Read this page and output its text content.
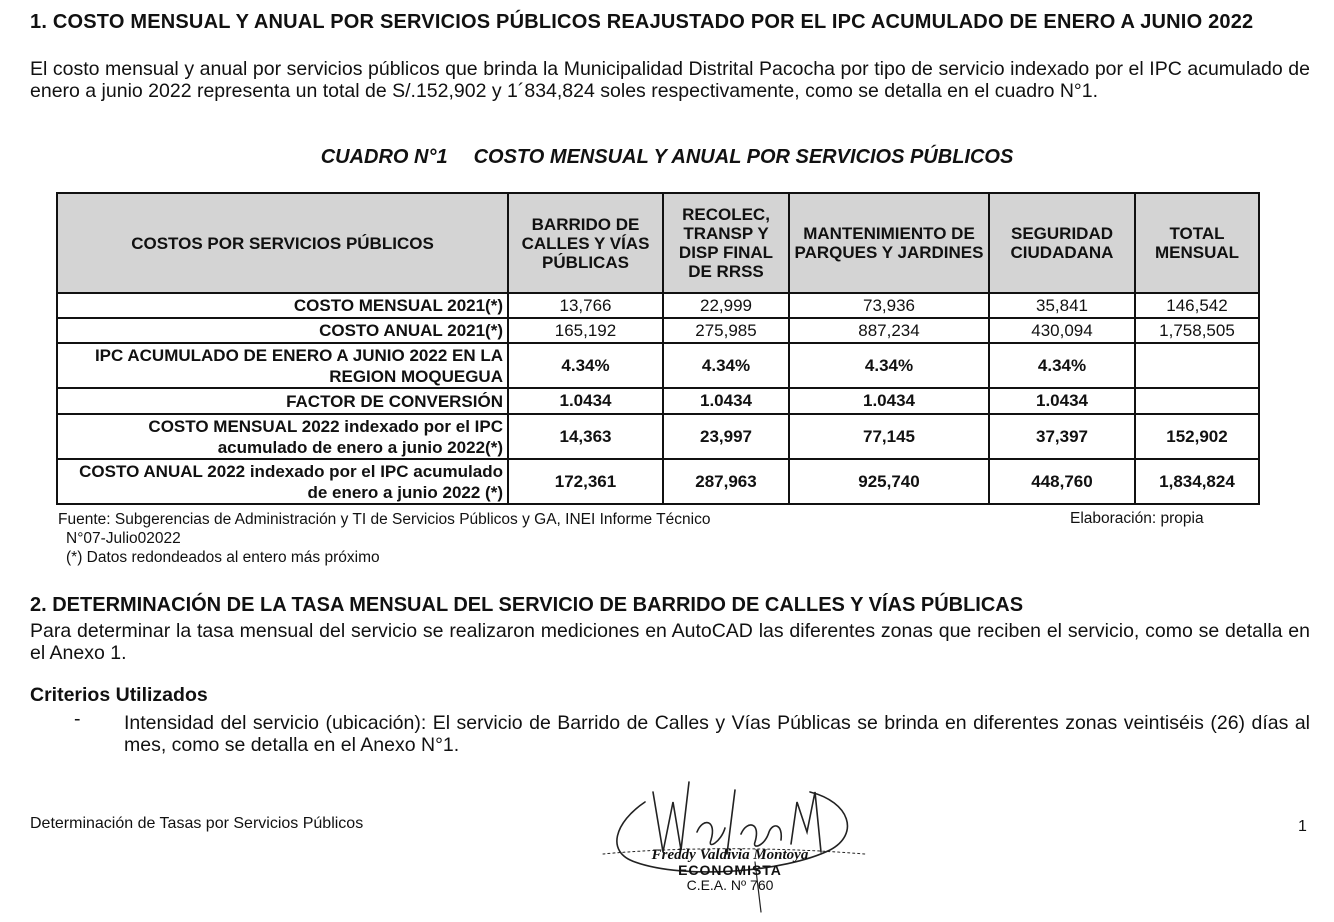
1. COSTO MENSUAL Y ANUAL POR SERVICIOS PÚBLICOS REAJUSTADO POR EL IPC ACUMULADO DE ENERO A JUNIO 2022
El costo mensual y anual por servicios públicos que brinda la Municipalidad Distrital Pacocha por tipo de servicio indexado por el IPC acumulado de enero a junio 2022 representa un total de S/.152,902 y 1´834,824 soles respectivamente, como se detalla en el cuadro N°1.
CUADRO N°1 COSTO MENSUAL Y ANUAL POR SERVICIOS PÚBLICOS
COSTOS POR SERVICIOS PÚBLICOS	BARRIDO DE CALLES Y VÍAS PÚBLICAS	RECOLEC, TRANSP Y DISP FINAL DE RRSS	MANTENIMIENTO DE PARQUES Y JARDINES	SEGURIDAD CIUDADANA	TOTAL MENSUAL
COSTO MENSUAL 2021(*)	13,766	22,999	73,936	35,841	146,542
COSTO ANUAL 2021(*)	165,192	275,985	887,234	430,094	1,758,505
IPC ACUMULADO DE ENERO A JUNIO 2022 EN LA REGION MOQUEGUA	4.34%	4.34%	4.34%	4.34%	
FACTOR DE CONVERSIÓN	1.0434	1.0434	1.0434	1.0434	
COSTO MENSUAL 2022 indexado por el IPC acumulado de enero a junio 2022(*)	14,363	23,997	77,145	37,397	152,902
COSTO ANUAL 2022 indexado por el IPC acumulado de enero a junio 2022 (*)	172,361	287,963	925,740	448,760	1,834,824
Fuente: Subgerencias de Administración y TI de Servicios Públicos y GA, INEI Informe Técnico
N°07-Julio02022
Elaboración: propia
(*) Datos redondeados al entero más próximo
2. DETERMINACIÓN DE LA TASA MENSUAL DEL SERVICIO DE BARRIDO DE CALLES Y VÍAS PÚBLICAS
Para determinar la tasa mensual del servicio se realizaron mediciones en AutoCAD las diferentes zonas que reciben el servicio, como se detalla en el Anexo 1.
Criterios Utilizados
- Intensidad del servicio (ubicación): El servicio de Barrido de Calles y Vías Públicas se brinda en diferentes zonas veintiséis (26) días al mes, como se detalla en el Anexo N°1.
Determinación de Tasas por Servicios Públicos	1
Freddy Valdivia Montoya
ECONOMISTA
C.E.A. Nº 760
